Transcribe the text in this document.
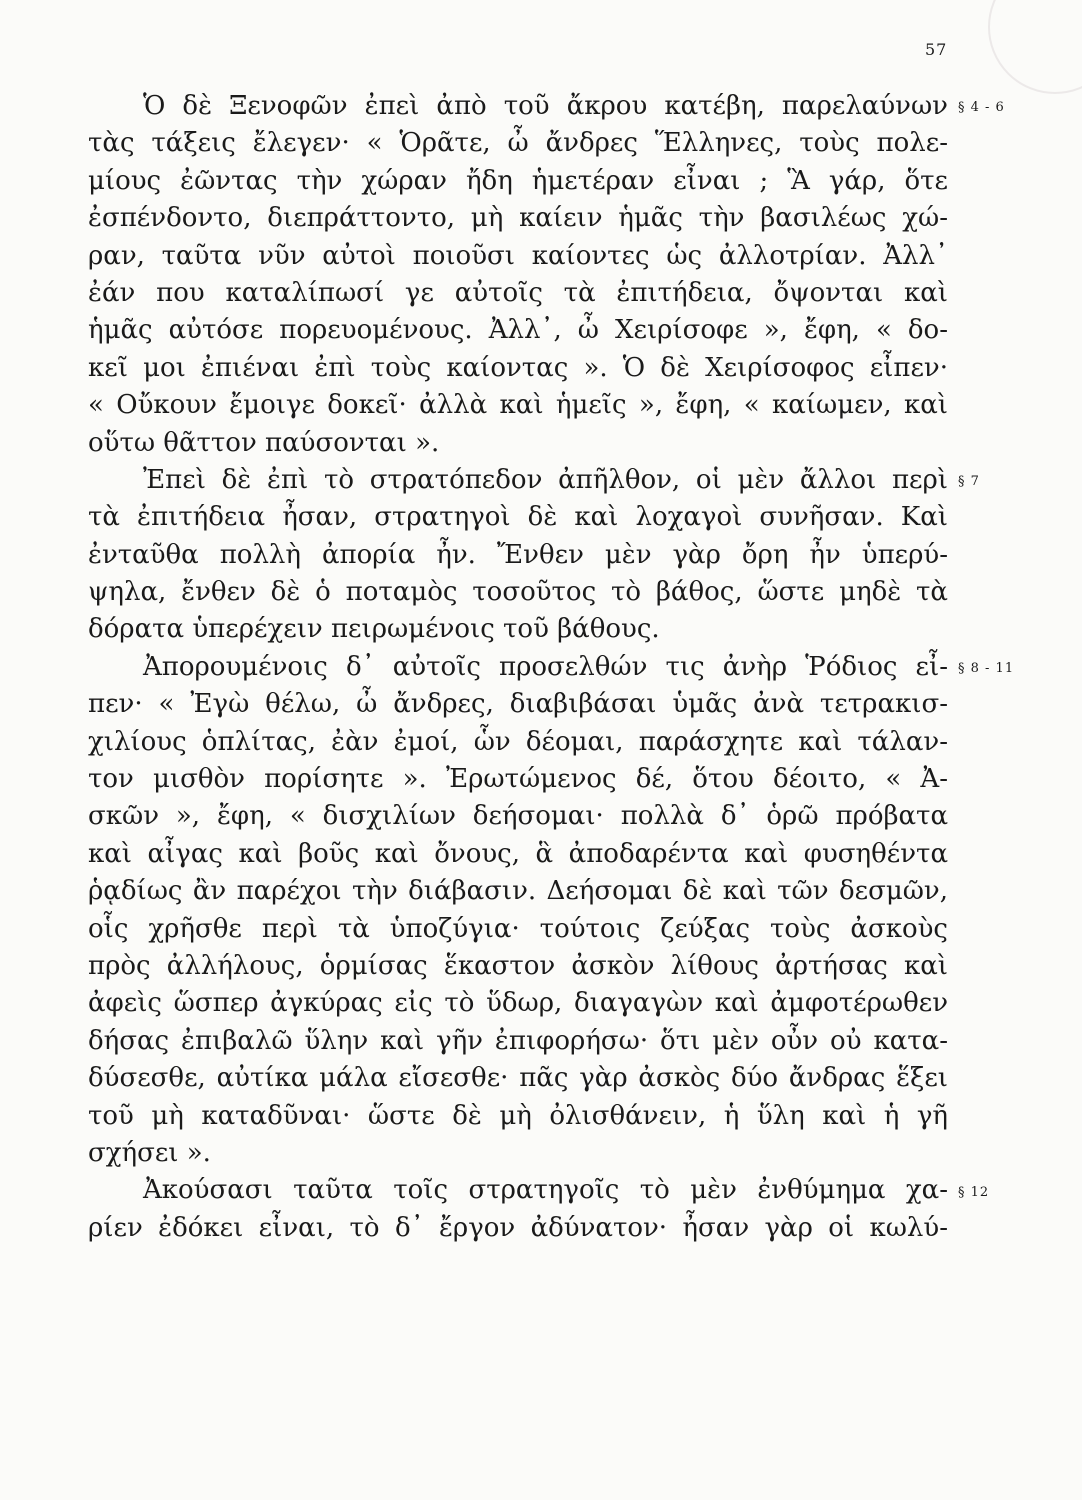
57
Ὁ δὲ Ξενοφῶν ἐπεὶ ἀπὸ τοῦ ἄκρου κατέβη, παρελαύνων
τὰς τάξεις ἔλεγεν· « Ὁρᾶτε, ὦ ἄνδρες Ἕλληνες, τοὺς πολε-
μίους ἐῶντας τὴν χώραν ἤδη ἡμετέραν εἶναι ; Ἃ γάρ, ὅτε
ἐσπένδοντο, διεπράττοντο, μὴ καίειν ἡμᾶς τὴν βασιλέως χώ-
ραν, ταῦτα νῦν αὐτοὶ ποιοῦσι καίοντες ὡς ἀλλοτρίαν. Ἀλλ᾽
ἐάν που καταλίπωσί γε αὐτοῖς τὰ ἐπιτήδεια, ὄψονται καὶ
ἡμᾶς αὐτόσε πορευομένους. Ἀλλ᾽, ὦ Χειρίσοφε », ἔφη, « δο-
κεῖ μοι ἐπιέναι ἐπὶ τοὺς καίοντας ». Ὁ δὲ Χειρίσοφος εἶπεν·
« Οὔκουν ἔμοιγε δοκεῖ· ἀλλὰ καὶ ἡμεῖς », ἔφη, « καίωμεν, καὶ
οὕτω θᾶττον παύσονται ».
Ἐπεὶ δὲ ἐπὶ τὸ στρατόπεδον ἀπῆλθον, οἱ μὲν ἄλλοι περὶ
τὰ ἐπιτήδεια ἦσαν, στρατηγοὶ δὲ καὶ λοχαγοὶ συνῆσαν. Καὶ
ἐνταῦθα πολλὴ ἀπορία ἦν. Ἔνθεν μὲν γὰρ ὄρη ἦν ὑπερύ-
ψηλα, ἔνθεν δὲ ὁ ποταμὸς τοσοῦτος τὸ βάθος, ὥστε μηδὲ τὰ
δόρατα ὑπερέχειν πειρωμένοις τοῦ βάθους.
Ἀπορουμένοις δ᾽ αὐτοῖς προσελθών τις ἀνὴρ Ῥόδιος εἶ-
πεν· « Ἐγὼ θέλω, ὦ ἄνδρες, διαβιβάσαι ὑμᾶς ἀνὰ τετρακισ-
χιλίους ὁπλίτας, ἐὰν ἐμοί, ὧν δέομαι, παράσχητε καὶ τάλαν-
τον μισθὸν πορίσητε ». Ἐρωτώμενος δέ, ὅτου δέοιτο, « Ἀ-
σκῶν », ἔφη, « δισχιλίων δεήσομαι· πολλὰ δ᾽ ὁρῶ πρόβατα
καὶ αἶγας καὶ βοῦς καὶ ὄνους, ἃ ἀποδαρέντα καὶ φυσηθέντα
ῥᾳδίως ἂν παρέχοι τὴν διάβασιν. Δεήσομαι δὲ καὶ τῶν δεσμῶν,
οἷς χρῆσθε περὶ τὰ ὑποζύγια· τούτοις ζεύξας τοὺς ἀσκοὺς
πρὸς ἀλλήλους, ὁρμίσας ἕκαστον ἀσκὸν λίθους ἀρτήσας καὶ
ἀφεὶς ὥσπερ ἀγκύρας εἰς τὸ ὕδωρ, διαγαγὼν καὶ ἀμφοτέρωθεν
δήσας ἐπιβαλῶ ὕλην καὶ γῆν ἐπιφορήσω· ὅτι μὲν οὖν οὐ κατα-
δύσεσθε, αὐτίκα μάλα εἴσεσθε· πᾶς γὰρ ἀσκὸς δύο ἄνδρας ἕξει
τοῦ μὴ καταδῦναι· ὥστε δὲ μὴ ὀλισθάνειν, ἡ ὕλη καὶ ἡ γῆ
σχήσει ».
Ἀκούσασι ταῦτα τοῖς στρατηγοῖς τὸ μὲν ἐνθύμημα χα-
ρίεν ἐδόκει εἶναι, τὸ δ᾽ ἔργον ἀδύνατον· ἦσαν γὰρ οἱ κωλύ-
§ 4 - 6
§ 7
§ 8 - 11
§ 12
